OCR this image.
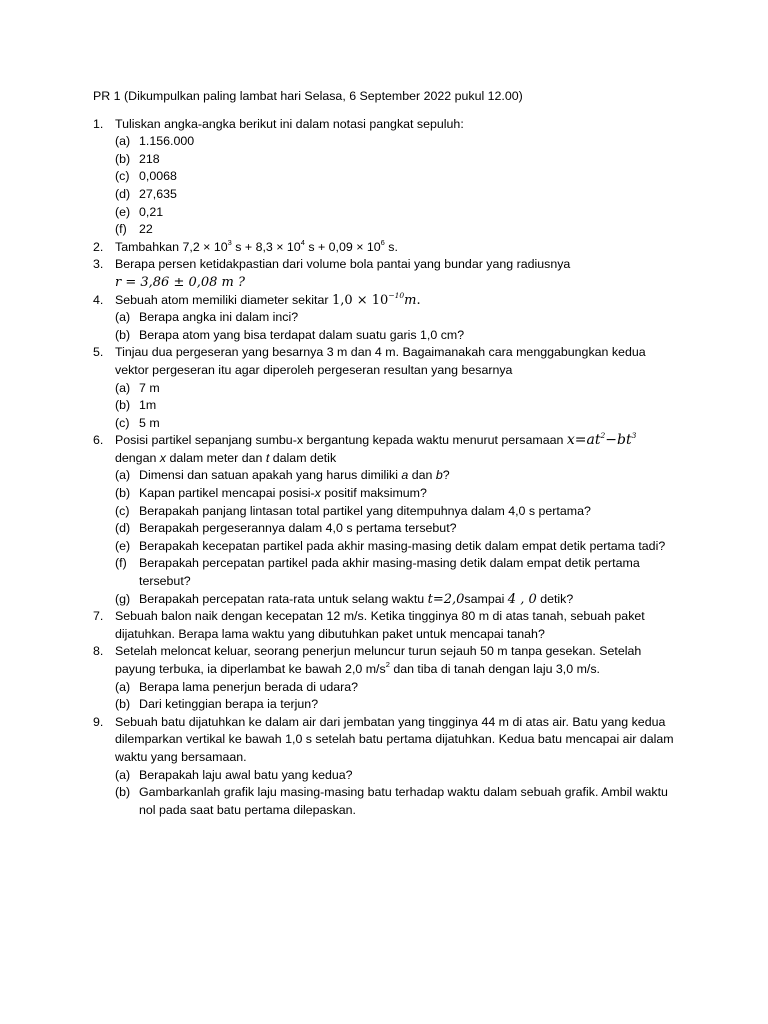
PR 1 (Dikumpulkan paling lambat hari Selasa, 6 September 2022 pukul 12.00)
1. Tuliskan angka-angka berikut ini dalam notasi pangkat sepuluh:
(a) 1.156.000
(b) 218
(c) 0,0068
(d) 27,635
(e) 0,21
(f) 22
2. Tambahkan $7,2 \times 10^3$ $s + 8,3 \times 10^4$ $s + 0,09 \times 10^6$ s.
3. Berapa persen ketidakpastian dari volume bola pantai yang bundar yang radiusnya
r = 3,86 ± 0,08 m ?
4. Sebuah atom memiliki diameter sekitar $1,0 \times 10^{-10}m$.
(a) Berapa angka ini dalam inci?
(b) Berapa atom yang bisa terdapat dalam suatu garis 1,0 cm?
5. Tinjau dua pergeseran yang besarnya 3 m dan 4 m. Bagaimanakah cara menggabungkan kedua vektor pergeseran itu agar diperoleh pergeseran resultan yang besarnya
(a) 7 m
(b) 1m
(c) 5 m
6. Posisi partikel sepanjang sumbu-x bergantung kepada waktu menurut persamaan $x=at^2-bt^3$
dengan x dalam meter dan t dalam detik
(a) Dimensi dan satuan apakah yang harus dimiliki a dan b?
(b) Kapan partikel mencapai posisi-x positif maksimum?
(c) Berapakah panjang lintasan total partikel yang ditempuhnya dalam 4,0 s pertama?
(d) Berapakah pergeserannya dalam 4,0 s pertama tersebut?
(e) Berapakah kecepatan partikel pada akhir masing-masing detik dalam empat detik pertama tadi?
(f) Berapakah percepatan partikel pada akhir masing-masing detik dalam empat detik pertama tersebut?
(g) Berapakah percepatan rata-rata untuk selang waktu t=2,0sampai 4 , 0 detik?
7. Sebuah balon naik dengan kecepatan 12 m/s. Ketika tingginya 80 m di atas tanah, sebuah paket dijatuhkan. Berapa lama waktu yang dibutuhkan paket untuk mencapai tanah?
8. Setelah meloncat keluar, seorang penerjun meluncur turun sejauh 50 m tanpa gesekan. Setelah payung terbuka, ia diperlambat ke bawah 2,0 $m/s^2$ dan tiba di tanah dengan laju 3,0 m/s.
(a) Berapa lama penerjun berada di udara?
(b) Dari ketinggian berapa ia terjun?
9. Sebuah batu dijatuhkan ke dalam air dari jembatan yang tingginya 44 m di atas air. Batu yang kedua dilemparkan vertikal ke bawah 1,0 s setelah batu pertama dijatuhkan. Kedua batu mencapai air dalam waktu yang bersamaan.
(a) Berapakah laju awal batu yang kedua?
(b) Gambarkanlah grafik laju masing-masing batu terhadap waktu dalam sebuah grafik. Ambil waktu nol pada saat batu pertama dilepaskan.
